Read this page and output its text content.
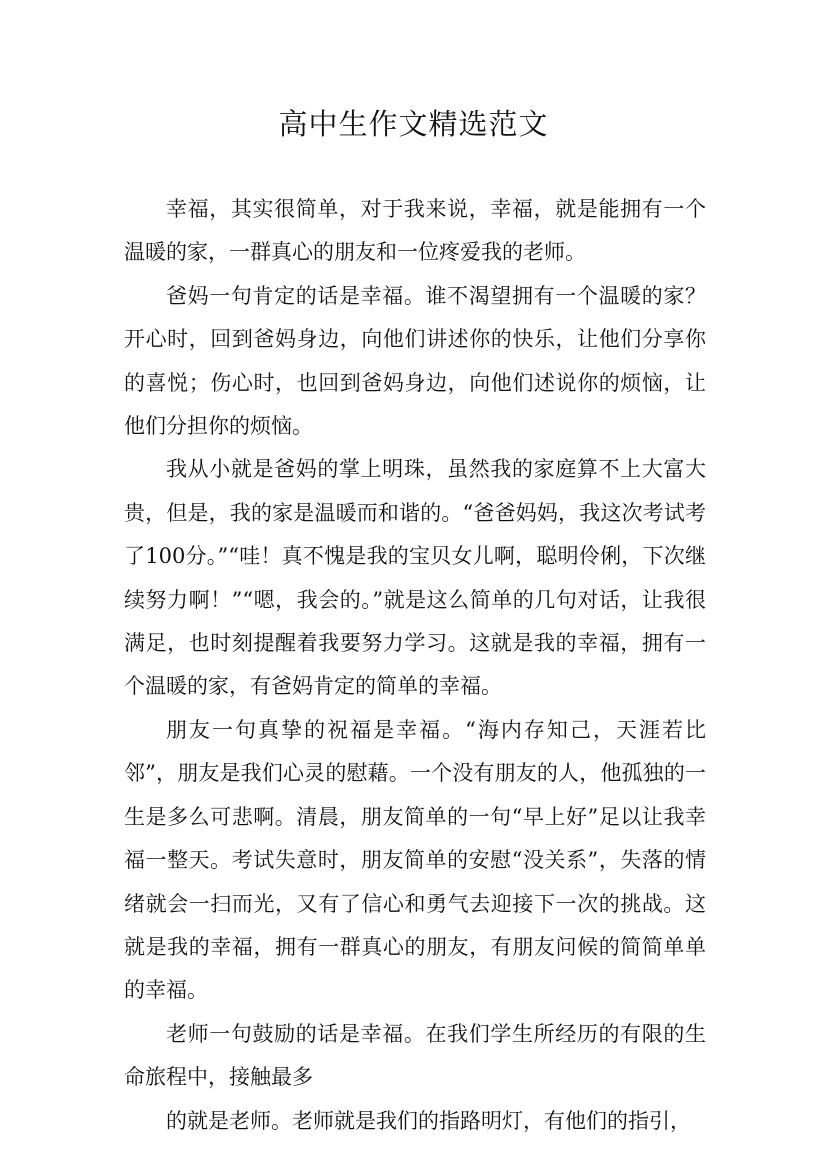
高中生作文精选范文

幸福，其实很简单，对于我来说，幸福，就是能拥有一个温暖的家，一群真心的朋友和一位疼爱我的老师。

爸妈一句肯定的话是幸福。谁不渴望拥有一个温暖的家？开心时，回到爸妈身边，向他们讲述你的快乐，让他们分享你的喜悦；伤心时，也回到爸妈身边，向他们述说你的烦恼，让他们分担你的烦恼。

我从小就是爸妈的掌上明珠，虽然我的家庭算不上大富大贵，但是，我的家是温暖而和谐的。“爸爸妈妈，我这次考试考了100分。”“哇！真不愧是我的宝贝女儿啊，聪明伶俐，下次继续努力啊！”“嗯，我会的。”就是这么简单的几句对话，让我很满足，也时刻提醒着我要努力学习。这就是我的幸福，拥有一个温暖的家，有爸妈肯定的简单的幸福。

朋友一句真挚的祝福是幸福。“海内存知己，天涯若比邻”，朋友是我们心灵的慰藉。一个没有朋友的人，他孤独的一生是多么可悲啊。清晨，朋友简单的一句“早上好”足以让我幸福一整天。考试失意时，朋友简单的安慰“没关系”，失落的情绪就会一扫而光，又有了信心和勇气去迎接下一次的挑战。这就是我的幸福，拥有一群真心的朋友，有朋友问候的简简单单的幸福。

老师一句鼓励的话是幸福。在我们学生所经历的有限的生命旅程中，接触最多

的就是老师。老师就是我们的指路明灯，有他们的指引，
